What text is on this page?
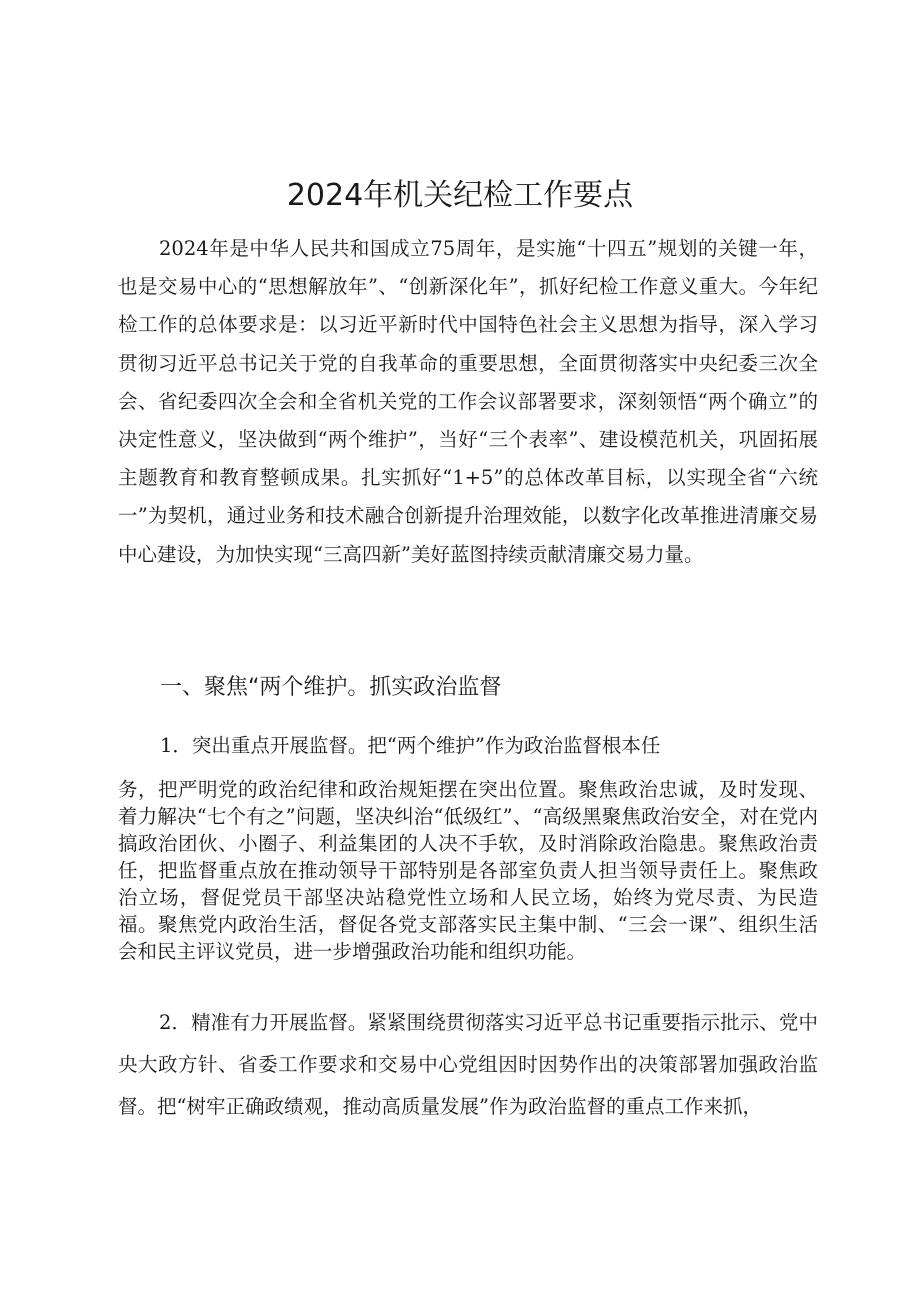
2024年机关纪检工作要点

2024年是中华人民共和国成立75周年，是实施“十四五”规划的关键一年，也是交易中心的“思想解放年”、“创新深化年”，抓好纪检工作意义重大。今年纪检工作的总体要求是：以习近平新时代中国特色社会主义思想为指导，深入学习贯彻习近平总书记关于党的自我革命的重要思想，全面贯彻落实中央纪委三次全会、省纪委四次全会和全省机关党的工作会议部署要求，深刻领悟“两个确立”的决定性意义，坚决做到“两个维护”，当好“三个表率”、建设模范机关，巩固拓展主题教育和教育整顿成果。扎实抓好“1+5”的总体改革目标，以实现全省“六统一”为契机，通过业务和技术融合创新提升治理效能，以数字化改革推进清廉交易中心建设，为加快实现“三高四新”美好蓝图持续贡献清廉交易力量。

一、聚焦“两个维护。抓实政治监督

1．突出重点开展监督。把“两个维护”作为政治监督根本任

务，把严明党的政治纪律和政治规矩摆在突出位置。聚焦政治忠诚，及时发现、着力解决“七个有之”问题，坚决纠治“低级红”、“高级黑聚焦政治安全，对在党内搞政治团伙、小圈子、利益集团的人决不手软，及时消除政治隐患。聚焦政治责任，把监督重点放在推动领导干部特别是各部室负责人担当领导责任上。聚焦政治立场，督促党员干部坚决站稳党性立场和人民立场，始终为党尽责、为民造福。聚焦党内政治生活，督促各党支部落实民主集中制、“三会一课”、组织生活会和民主评议党员，进一步增强政治功能和组织功能。

2．精准有力开展监督。紧紧围绕贯彻落实习近平总书记重要指示批示、党中央大政方针、省委工作要求和交易中心党组因时因势作出的决策部署加强政治监督。把“树牢正确政绩观，推动高质量发展”作为政治监督的重点工作来抓，
